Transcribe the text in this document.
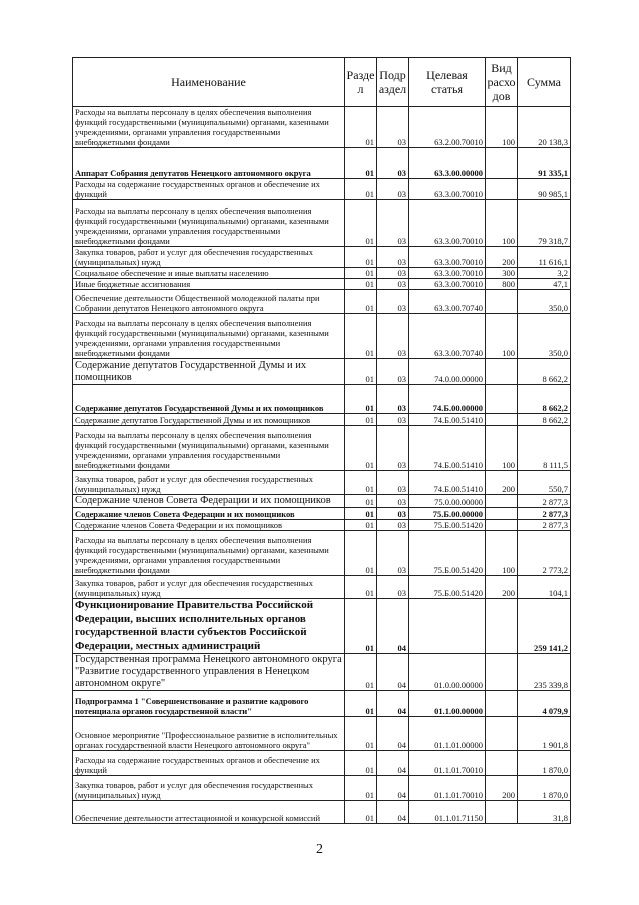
Наименование	Разде л	Подр аздел	Целевая статья	Вид расхо дов	Сумма
Расходы на выплаты персоналу в целях обеспечения выполнения функций государственными (муниципальными) органами, казенными учреждениями, органами управления государственными внебюджетными фондами	01	03	63.2.00.70010	100	20 138,3
Аппарат Собрания депутатов Ненецкого автономного округа	01	03	63.3.00.00000		91 335,1
Расходы на содержание государственных органов и обеспечение их функций	01	03	63.3.00.70010		90 985,1
Расходы на выплаты персоналу в целях обеспечения выполнения функций государственными (муниципальными) органами, казенными учреждениями, органами управления государственными внебюджетными фондами	01	03	63.3.00.70010	100	79 318,7
Закупка товаров, работ и услуг для обеспечения государственных (муниципальных) нужд	01	03	63.3.00.70010	200	11 616,1
Социальное обеспечение и иные выплаты населению	01	03	63.3.00.70010	300	3,2
Иные бюджетные ассигнования	01	03	63.3.00.70010	800	47,1
Обеспечение деятельности Общественной молодежной палаты при Собрании депутатов Ненецкого автономного округа	01	03	63.3.00.70740		350,0
Расходы на выплаты персоналу в целях обеспечения выполнения функций государственными (муниципальными) органами, казенными учреждениями, органами управления государственными внебюджетными фондами	01	03	63.3.00.70740	100	350,0
Содержание депутатов Государственной Думы и их помощников	01	03	74.0.00.00000		8 662,2
Содержание депутатов Государственной Думы и их помощников	01	03	74.Б.00.00000		8 662,2
Содержание депутатов Государственной Думы и их помощников	01	03	74.Б.00.51410		8 662,2
Расходы на выплаты персоналу в целях обеспечения выполнения функций государственными (муниципальными) органами, казенными учреждениями, органами управления государственными внебюджетными фондами	01	03	74.Б.00.51410	100	8 111,5
Закупка товаров, работ и услуг для обеспечения государственных (муниципальных) нужд	01	03	74.Б.00.51410	200	550,7
Содержание членов Совета Федерации и их помощников	01	03	75.0.00.00000		2 877,3
Содержание членов Совета Федерации и их помощников	01	03	75.Б.00.00000		2 877,3
Содержание членов Совета Федерации и их помощников	01	03	75.Б.00.51420		2 877,3
Расходы на выплаты персоналу в целях обеспечения выполнения функций государственными (муниципальными) органами, казенными учреждениями, органами управления государственными внебюджетными фондами	01	03	75.Б.00.51420	100	2 773,2
Закупка товаров, работ и услуг для обеспечения государственных (муниципальных) нужд	01	03	75.Б.00.51420	200	104,1
Функционирование Правительства Российской Федерации, высших исполнительных органов государственной власти субъектов Российской Федерации, местных администраций	01	04			259 141,2
Государственная программа Ненецкого автономного округа "Развитие государственного управления в Ненецком автономном округе"	01	04	01.0.00.00000		235 339,8
Подпрограмма 1 "Совершенствование и развитие кадрового потенциала органов государственной власти"	01	04	01.1.00.00000		4 079,9
Основное мероприятие "Профессиональное развитие в исполнительных органах государственной власти Ненецкого автономного округа"	01	04	01.1.01.00000		1 901,8
Расходы на содержание государственных органов и обеспечение их функций	01	04	01.1.01.70010		1 870,0
Закупка товаров, работ и услуг для обеспечения государственных (муниципальных) нужд	01	04	01.1.01.70010	200	1 870,0
Обеспечение деятельности аттестационной и конкурсной комиссий	01	04	01.1.01.71150		31,8
2
